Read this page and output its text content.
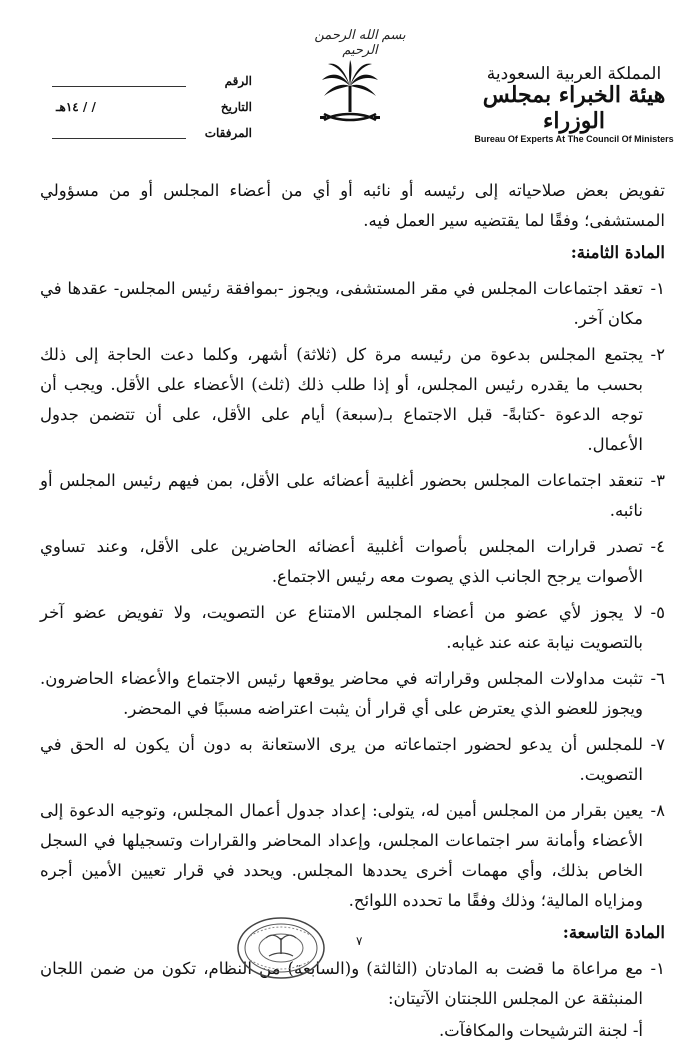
بسم الله الرحمن الرحيم
المملكة العربية السعودية
هيئة الخبراء بمجلس الوزراء
Bureau Of Experts At The Council Of Ministers
الرقم
التاريخ
/ / ١٤هـ
المرفقات

تفويض بعض صلاحياته إلى رئيسه أو نائبه أو أي من أعضاء المجلس أو من مسؤولي المستشفى؛ وفقًا لما يقتضيه سير العمل فيه.

المادة الثامنة:

١-
تعقد اجتماعات المجلس في مقر المستشفى، ويجوز -بموافقة رئيس المجلس- عقدها في مكان آخر.
٢-
يجتمع المجلس بدعوة من رئيسه مرة كل (ثلاثة) أشهر، وكلما دعت الحاجة إلى ذلك بحسب ما يقدره رئيس المجلس، أو إذا طلب ذلك (ثلث) الأعضاء على الأقل. ويجب أن توجه الدعوة -كتابةً- قبل الاجتماع بـ(سبعة) أيام على الأقل، على أن تتضمن جدول الأعمال.
٣-
تنعقد اجتماعات المجلس بحضور أغلبية أعضائه على الأقل، بمن فيهم رئيس المجلس أو نائبه.
٤-
تصدر قرارات المجلس بأصوات أغلبية أعضائه الحاضرين على الأقل، وعند تساوي الأصوات يرجح الجانب الذي يصوت معه رئيس الاجتماع.
٥-
لا يجوز لأي عضو من أعضاء المجلس الامتناع عن التصويت، ولا تفويض عضو آخر بالتصويت نيابة عنه عند غيابه.
٦-
تثبت مداولات المجلس وقراراته في محاضر يوقعها رئيس الاجتماع والأعضاء الحاضرون. ويجوز للعضو الذي يعترض على أي قرار أن يثبت اعتراضه مسببًا في المحضر.
٧-
للمجلس أن يدعو لحضور اجتماعاته من يرى الاستعانة به دون أن يكون له الحق في التصويت.
٨-
يعين بقرار من المجلس أمين له، يتولى: إعداد جدول أعمال المجلس، وتوجيه الدعوة إلى الأعضاء وأمانة سر اجتماعات المجلس، وإعداد المحاضر والقرارات وتسجيلها في السجل الخاص بذلك، وأي مهمات أخرى يحددها المجلس. ويحدد في قرار تعيين الأمين أجره ومزاياه المالية؛ وذلك وفقًا ما تحدده اللوائح.

المادة التاسعة:

١-
مع مراعاة ما قضت به المادتان (الثالثة) و(السابعة) من النظام، تكون من ضمن اللجان المنبثقة عن المجلس اللجنتان الآتيتان:

أ- لجنة الترشيحات والمكافآت.

٧
